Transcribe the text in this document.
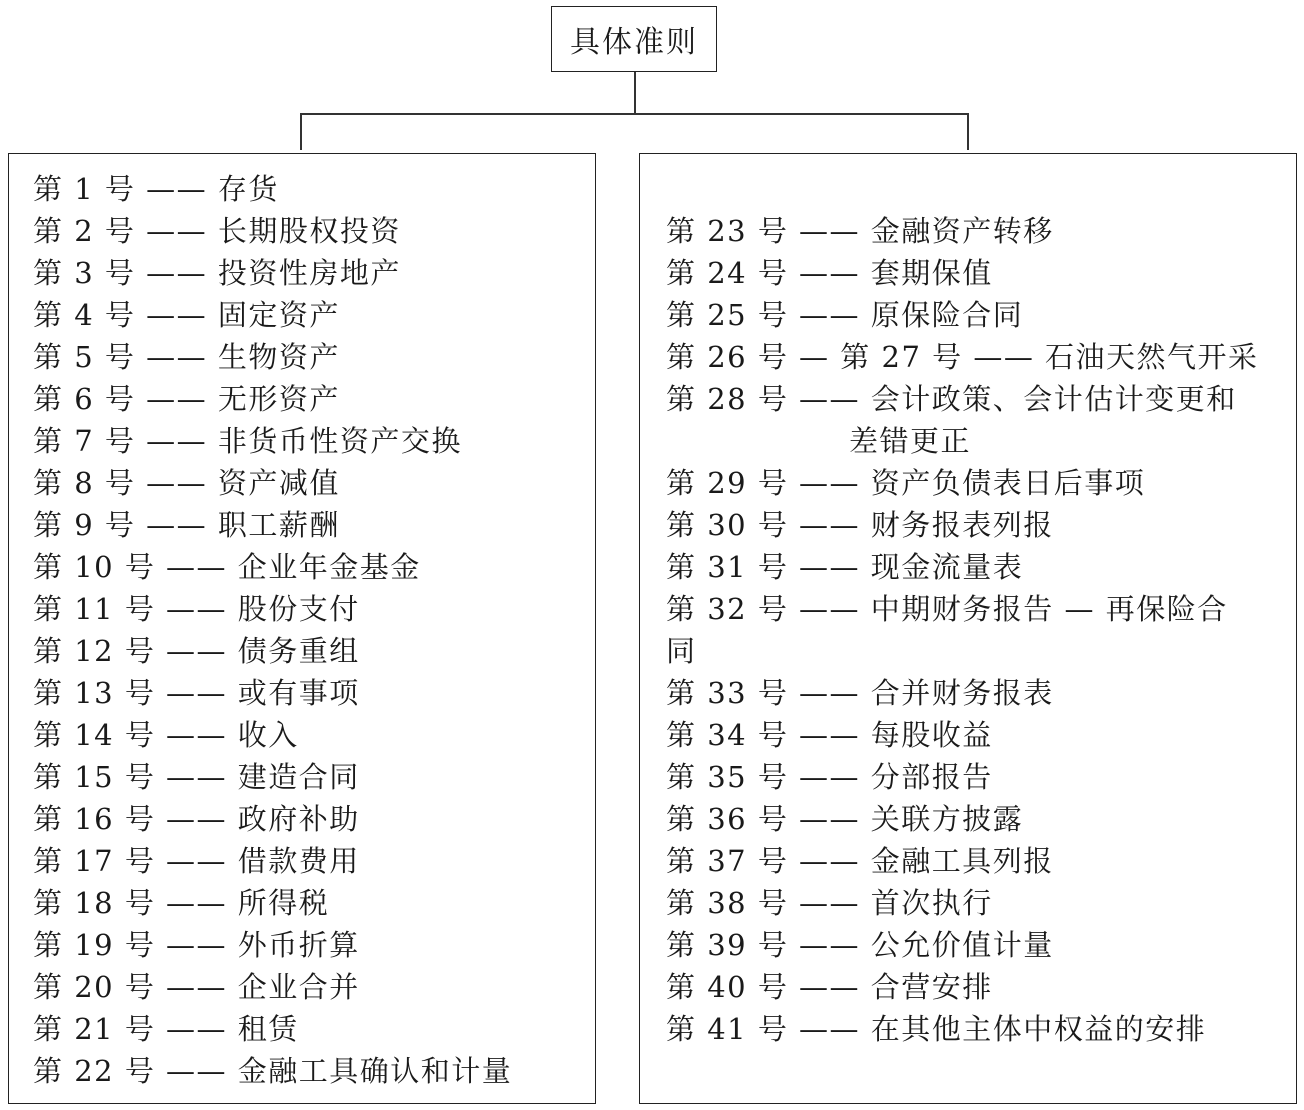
具体准则
第 1 号 —— 存货
第 2 号 —— 长期股权投资
第 3 号 —— 投资性房地产
第 4 号 —— 固定资产
第 5 号 —— 生物资产
第 6 号 —— 无形资产
第 7 号 —— 非货币性资产交换
第 8 号 —— 资产减值
第 9 号 —— 职工薪酬
第 10 号 —— 企业年金基金
第 11 号 —— 股份支付
第 12 号 —— 债务重组
第 13 号 —— 或有事项
第 14 号 —— 收入
第 15 号 —— 建造合同
第 16 号 —— 政府补助
第 17 号 —— 借款费用
第 18 号 —— 所得税
第 19 号 —— 外币折算
第 20 号 —— 企业合并
第 21 号 —— 租赁
第 22 号 —— 金融工具确认和计量
第 23 号 —— 金融资产转移
第 24 号 —— 套期保值
第 25 号 —— 原保险合同
第 26 号 — 第 27 号 —— 石油天然气开采
第 28 号 —— 会计政策、会计估计变更和
　　　　　　差错更正
第 29 号 —— 资产负债表日后事项
第 30 号 —— 财务报表列报
第 31 号 —— 现金流量表
第 32 号 —— 中期财务报告 — 再保险合
同
第 33 号 —— 合并财务报表
第 34 号 —— 每股收益
第 35 号 —— 分部报告
第 36 号 —— 关联方披露
第 37 号 —— 金融工具列报
第 38 号 —— 首次执行
第 39 号 —— 公允价值计量
第 40 号 —— 合营安排
第 41 号 —— 在其他主体中权益的安排
